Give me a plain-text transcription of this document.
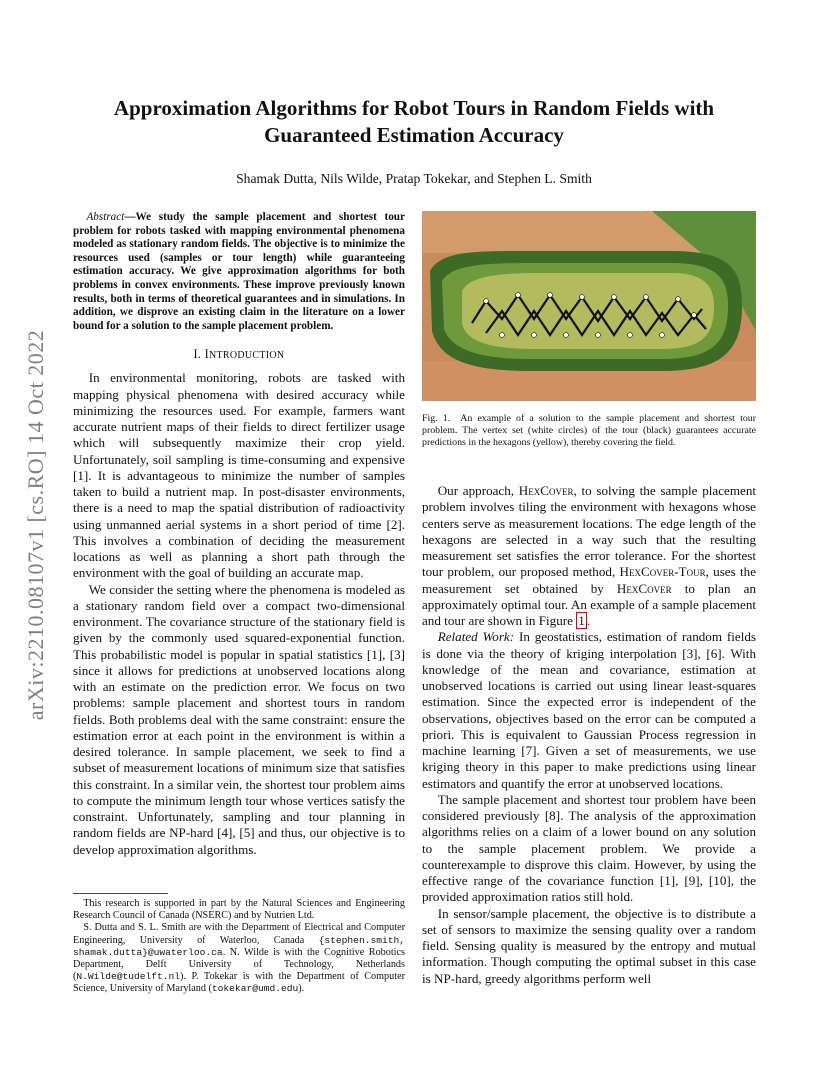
arXiv:2210.08107v1 [cs.RO] 14 Oct 2022
Approximation Algorithms for Robot Tours in Random Fields with
Guaranteed Estimation Accuracy
Shamak Dutta, Nils Wilde, Pratap Tokekar, and Stephen L. Smith

Abstract—We study the sample placement and shortest tour problem for robots tasked with mapping environmental phenomena modeled as stationary random fields. The objective is to minimize the resources used (samples or tour length) while guaranteeing estimation accuracy. We give approximation algorithms for both problems in convex environments. These improve previously known results, both in terms of theoretical guarantees and in simulations. In addition, we disprove an existing claim in the literature on a lower bound for a solution to the sample placement problem.

I. INTRODUCTION

In environmental monitoring, robots are tasked with mapping physical phenomena with desired accuracy while minimizing the resources used. For example, farmers want accurate nutrient maps of their fields to direct fertilizer usage which will subsequently maximize their crop yield. Unfortunately, soil sampling is time-consuming and expensive [1]. It is advantageous to minimize the number of samples taken to build a nutrient map. In post-disaster environments, there is a need to map the spatial distribution of radioactivity using unmanned aerial systems in a short period of time [2]. This involves a combination of deciding the measurement locations as well as planning a short path through the environment with the goal of building an accurate map.

We consider the setting where the phenomena is modeled as a stationary random field over a compact two-dimensional environment. The covariance structure of the stationary field is given by the commonly used squared-exponential function. This probabilistic model is popular in spatial statistics [1], [3] since it allows for predictions at unobserved locations along with an estimate on the prediction error. We focus on two problems: sample placement and shortest tours in random fields. Both problems deal with the same constraint: ensure the estimation error at each point in the environment is within a desired tolerance. In sample placement, we seek to find a subset of measurement locations of minimum size that satisfies this constraint. In a similar vein, the shortest tour problem aims to compute the minimum length tour whose vertices satisfy the constraint. Unfortunately, sampling and tour planning in random fields are NP-hard [4], [5] and thus, our objective is to develop approximation algorithms.

This research is supported in part by the Natural Sciences and Engineering Research Council of Canada (NSERC) and by Nutrien Ltd.

S. Dutta and S. L. Smith are with the Department of Electrical and Computer Engineering, University of Waterloo, Canada {stephen.smith, shamak.dutta}@uwaterloo.ca. N. Wilde is with the Cognitive Robotics Department, Delft University of Technology, Netherlands (N.Wilde@tudelft.nl). P. Tokekar is with the Department of Computer Science, University of Maryland (tokekar@umd.edu).

Fig. 1. An example of a solution to the sample placement and shortest tour problem. The vertex set (white circles) of the tour (black) guarantees accurate predictions in the hexagons (yellow), thereby covering the field.

Our approach, HexCover, to solving the sample placement problem involves tiling the environment with hexagons whose centers serve as measurement locations. The edge length of the hexagons are selected in a way such that the resulting measurement set satisfies the error tolerance. For the shortest tour problem, our proposed method, HexCover-Tour, uses the measurement set obtained by HexCover to plan an approximately optimal tour. An example of a sample placement and tour are shown in Figure 1 .

Related Work: In geostatistics, estimation of random fields is done via the theory of kriging interpolation [3], [6]. With knowledge of the mean and covariance, estimation at unobserved locations is carried out using linear least-squares estimation. Since the expected error is independent of the observations, objectives based on the error can be computed a priori. This is equivalent to Gaussian Process regression in machine learning [7]. Given a set of measurements, we use kriging theory in this paper to make predictions using linear estimators and quantify the error at unobserved locations.

The sample placement and shortest tour problem have been considered previously [8]. The analysis of the approximation algorithms relies on a claim of a lower bound on any solution to the sample placement problem. We provide a counterexample to disprove this claim. However, by using the effective range of the covariance function [1], [9], [10], the provided approximation ratios still hold.

In sensor/sample placement, the objective is to distribute a set of sensors to maximize the sensing quality over a random field. Sensing quality is measured by the entropy and mutual information. Though computing the optimal subset in this case is NP-hard, greedy algorithms perform well
